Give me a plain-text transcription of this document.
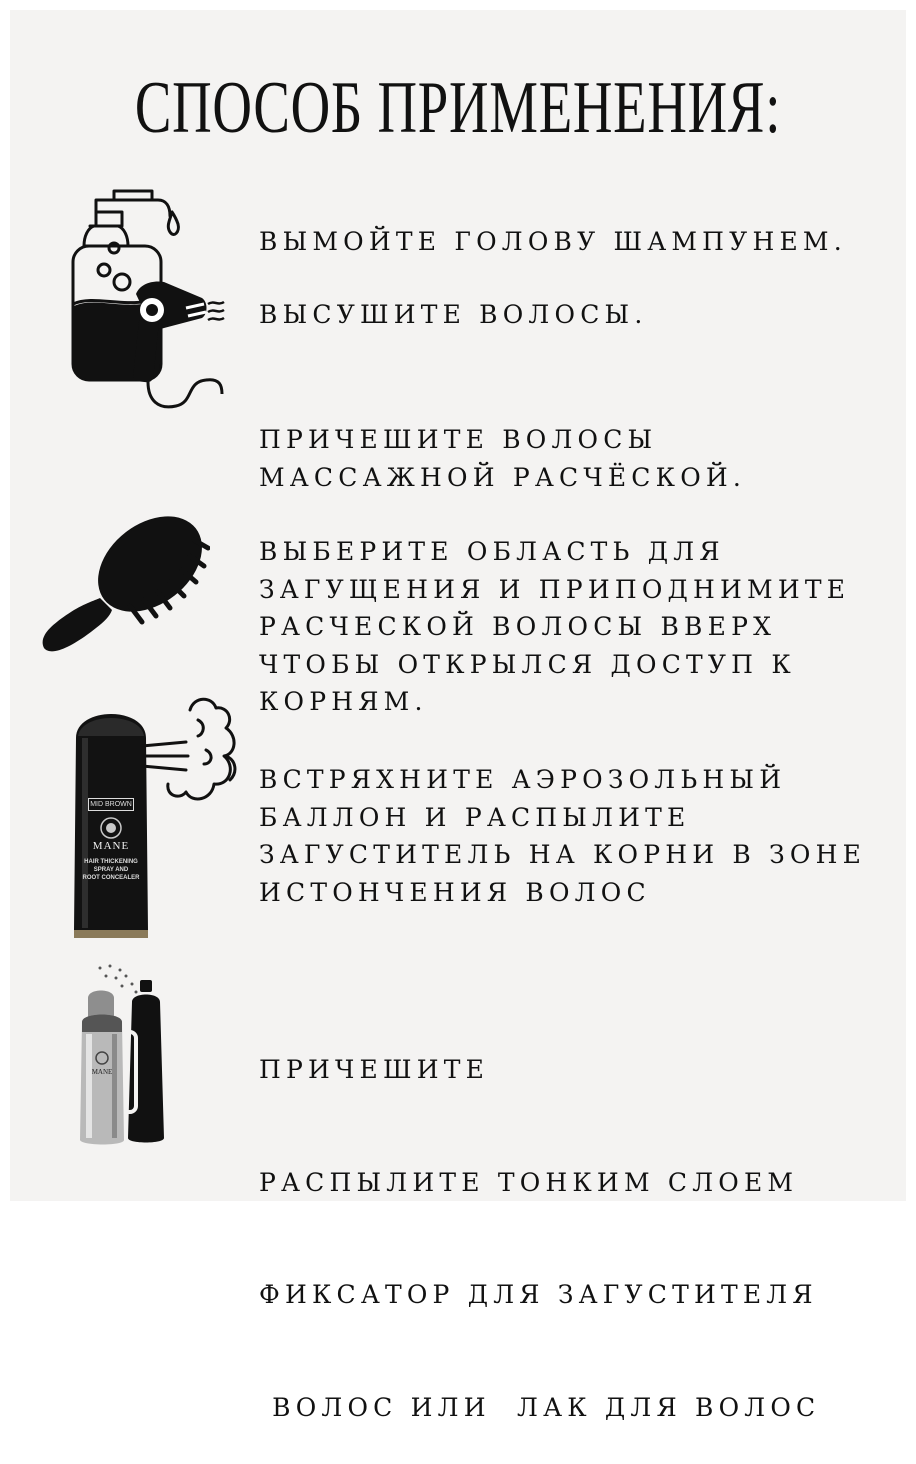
СПОСОБ ПРИМЕНЕНИЯ:

ВЫМОЙТЕ ГОЛОВУ ШАМПУНЕМ.

ВЫСУШИТЕ ВОЛОСЫ.

ПРИЧЕШИТЕ ВОЛОСЫ
МАССАЖНОЙ РАСЧЁСКОЙ.

ВЫБЕРИТЕ ОБЛАСТЬ ДЛЯ
ЗАГУЩЕНИЯ И ПРИПОДНИМИТЕ
РАСЧЕСКОЙ ВОЛОСЫ ВВЕРХ
ЧТОБЫ ОТКРЫЛСЯ ДОСТУП К
КОРНЯМ.

ВСТРЯХНИТЕ АЭРОЗОЛЬНЫЙ
БАЛЛОН И РАСПЫЛИТЕ
ЗАГУСТИТЕЛЬ НА КОРНИ В ЗОНЕ
ИСТОНЧЕНИЯ ВОЛОС

ПРИЧЕШИТЕ

РАСПЫЛИТЕ ТОНКИМ СЛОЕМ

ФИКСАТОР ДЛЯ ЗАГУСТИТЕЛЯ

ВОЛОС ИЛИ  ЛАК ДЛЯ ВОЛОС

MID BROWN
MANE
HAIR THICKENING
SPRAY AND
ROOT CONCEALER
MANE
